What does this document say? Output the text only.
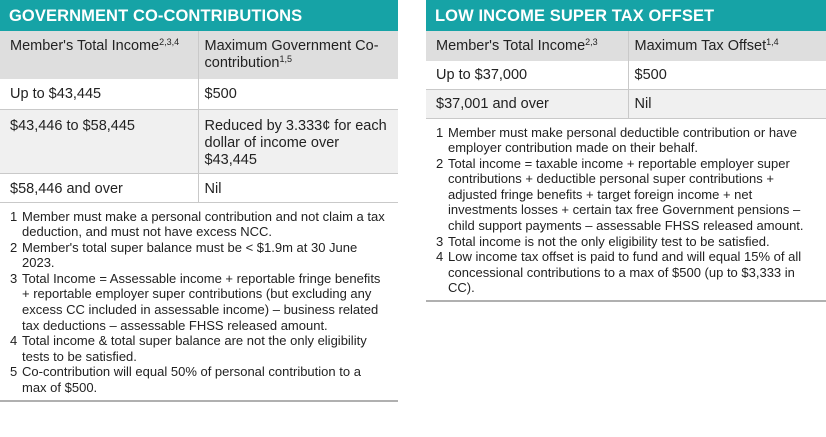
GOVERNMENT CO-CONTRIBUTIONS
Member's Total Income$^{2,3,4}$	Maximum Government Co-contribution$^{1,5}$
Up to $43,445	$500
$43,446 to $58,445	Reduced by 3.333¢ for each dollar of income over $43,445
$58,446 and over	Nil
1 Member must make a personal contribution and not claim a tax deduction, and must not have excess NCC.
2 Member's total super balance must be < $1.9m at 30 June 2023.
3 Total Income = Assessable income + reportable fringe benefits + reportable employer super contributions (but excluding any excess CC included in assessable income) – business related tax deductions – assessable FHSS released amount.
4 Total income & total super balance are not the only eligibility tests to be satisfied.
5 Co-contribution will equal 50% of personal contribution to a max of $500.
LOW INCOME SUPER TAX OFFSET
Member's Total Income$^{2,3}$	Maximum Tax Offset$^{1,4}$
Up to $37,000	$500
$37,001 and over	Nil
1 Member must make personal deductible contribution or have employer contribution made on their behalf.
2 Total income = taxable income + reportable employer super contributions + deductible personal super contributions + adjusted fringe benefits + target foreign income + net investments losses + certain tax free Government pensions – child support payments – assessable FHSS released amount.
3 Total income is not the only eligibility test to be satisfied.
4 Low income tax offset is paid to fund and will equal 15% of all concessional contributions to a max of $500 (up to $3,333 in CC).
